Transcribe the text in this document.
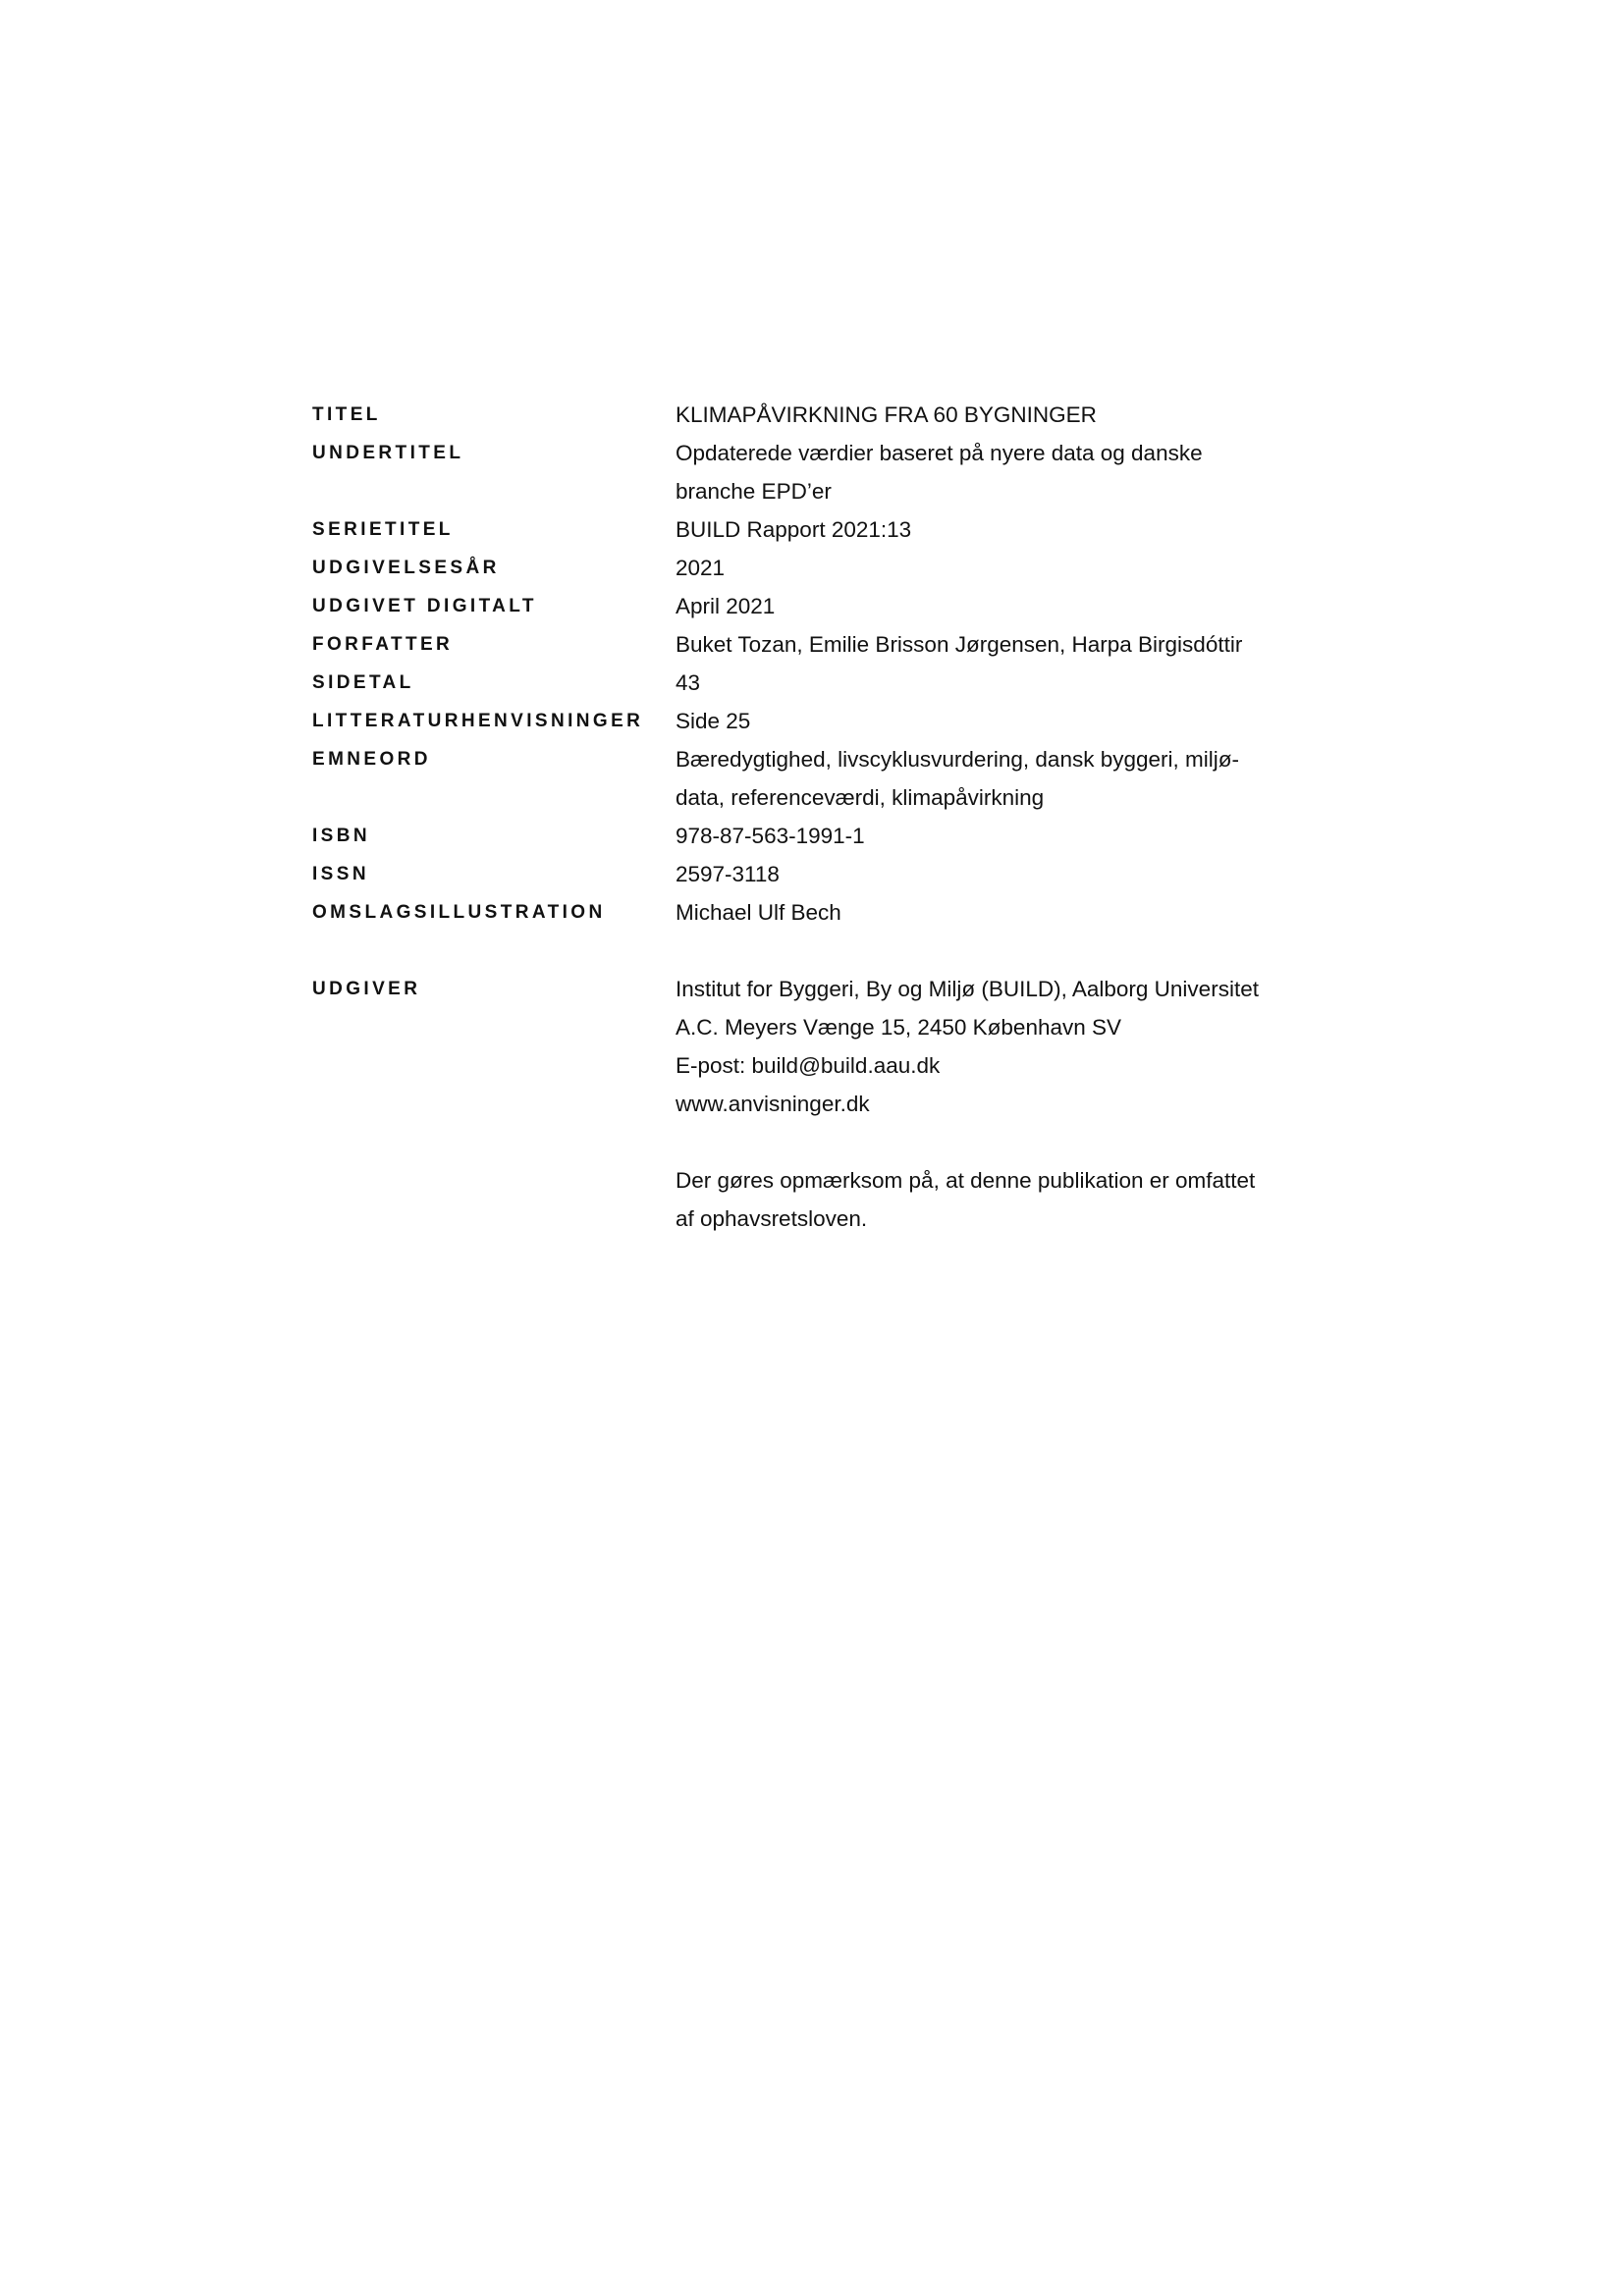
TITEL	KLIMAPÅVIRKNING FRA 60 BYGNINGER
UNDERTITEL	Opdaterede værdier baseret på nyere data og danske
branche EPD’er
SERIETITEL	BUILD Rapport 2021:13
UDGIVELSESÅR	2021
UDGIVET DIGITALT	April 2021
FORFATTER	Buket Tozan, Emilie Brisson Jørgensen, Harpa Birgisdóttir
SIDETAL	43
LITTERATURHENVISNINGER	Side 25
EMNEORD	Bæredygtighed, livscyklusvurdering, dansk byggeri, miljø-
data, referenceværdi, klimapåvirkning
ISBN	978-87-563-1991-1
ISSN	2597-3118
OMSLAGSILLUSTRATION	Michael Ulf Bech
UDGIVER	Institut for Byggeri, By og Miljø (BUILD), Aalborg Universitet
A.C. Meyers Vænge 15, 2450 København SV
E-post: build@build.aau.dk
www.anvisninger.dk
Der gøres opmærksom på, at denne publikation er omfattet
af ophavsretsloven.
